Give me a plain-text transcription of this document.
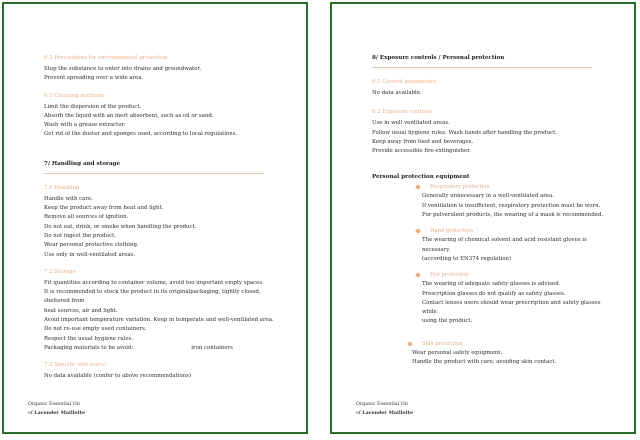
6.2 Precautions for environmental protection

Stop the substance to enter into drains and groundwater.

Prevent spreading over a wide area.

6.3 Cleaning methods

Limit the dispersion of the product.

Absorb the liquid with an inert absorbent, such as oil or sand.

Wash with a grease extractor.

Get rid of the duster and sponges used, according to local regulations.

7/ Handling and storage
7.1 Handling

Handle with care.

Keep the product away from heat and light.

Remove all sources of ignition.

Do not eat, drink, or smoke when handling the product.

Do not ingest the product.

Wear personal protective clothing.

Use only in well-ventilated areas.

7.2 Storage

Fit quantities according to container volume, avoid too important empty spaces.

It is recommended to stock the product in its originalpackaging, tightly closed, sheltered from

heat sources, air and light.

Avoid important temperature variation. Keep in temperate and well-ventilated area.

Do not re-use empty used containers.

Respect the usual hygiene rules.

Packaging materials to be avoid:	iron containers

7.3 Specific end use(s)

No data available (confer to above recommendations)

Organic Essential Oil
of Lavender Maillette
8/ Exposure controls / Personal protection
8.1 Control parameters

No data available.

8.2 Exposure controls

Use in well ventilated areas.

Follow usual hygiene rules. Wash hands after handling the product.

Keep away from food and beverages.

Provide accessible fire-extinguisher.

Personal protection equipment
Respiratory protection

Generally unnecessary in a well-ventilated area.

If ventilation is insufficient, respiratory protection must be worn.

For pulverulent products, the wearing of a mask is recommended.

Hand protection

The wearing of chemical solvent and acid resistant gloves is necessary.

(according to EN374 regulation)

Eye protection

The wearing of adequate safety glasses is advised.

Prescription glasses do not qualify as safety glasses.

Contact lenses users should wear prescription and safety glasses while

using the product.

Skin protection

Wear personal safety equipment.

Handle the product with care, avoiding skin contact.

Organic Essential Oil
of Lavender Maillette
